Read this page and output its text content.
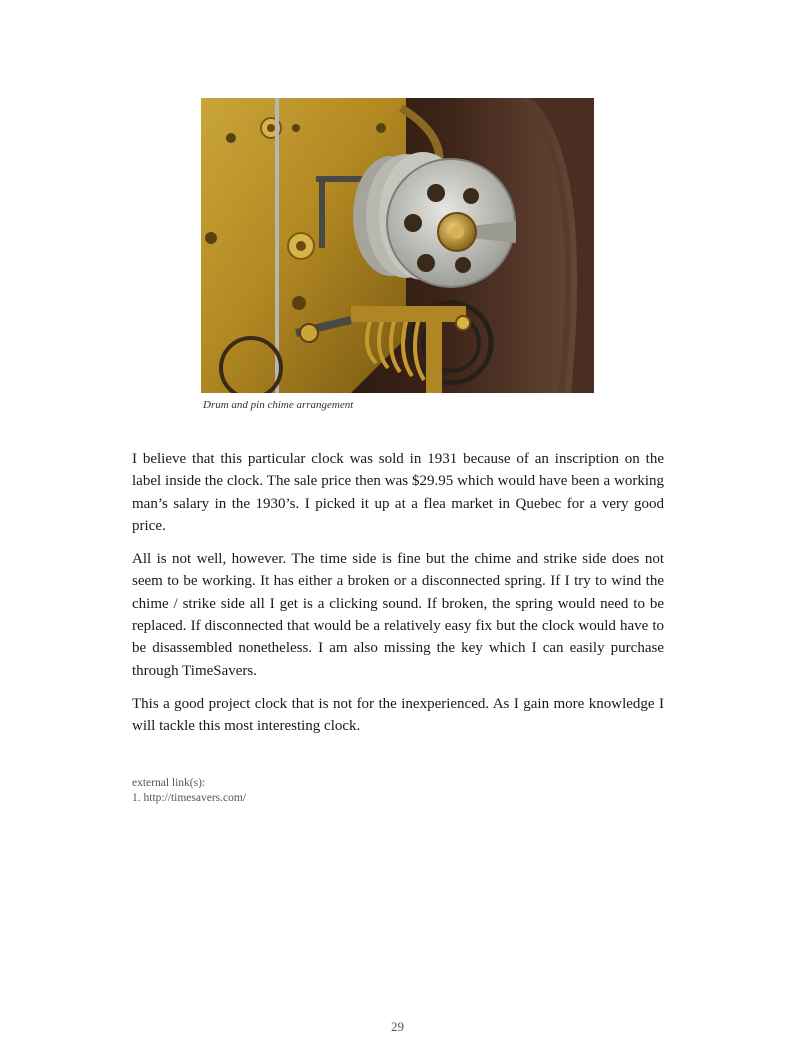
Drum and pin chime arrangement

I believe that this particular clock was sold in 1931 because of an inscription on the label inside the clock. The sale price then was $29.95 which would have been a working man’s salary in the 1930’s. I picked it up at a flea market in Quebec for a very good price.

All is not well, however. The time side is fine but the chime and strike side does not seem to be working. It has either a broken or a disconnected spring. If I try to wind the chime / strike side all I get is a clicking sound. If broken, the spring would need to be replaced. If disconnected that would be a relatively easy fix but the clock would have to be disassembled nonetheless. I am also missing the key which I can easily purchase through TimeSavers.

This a good project clock that is not for the inexperienced. As I gain more knowledge I will tackle this most interesting clock.

external link(s):
1. http://timesavers.com/
29
